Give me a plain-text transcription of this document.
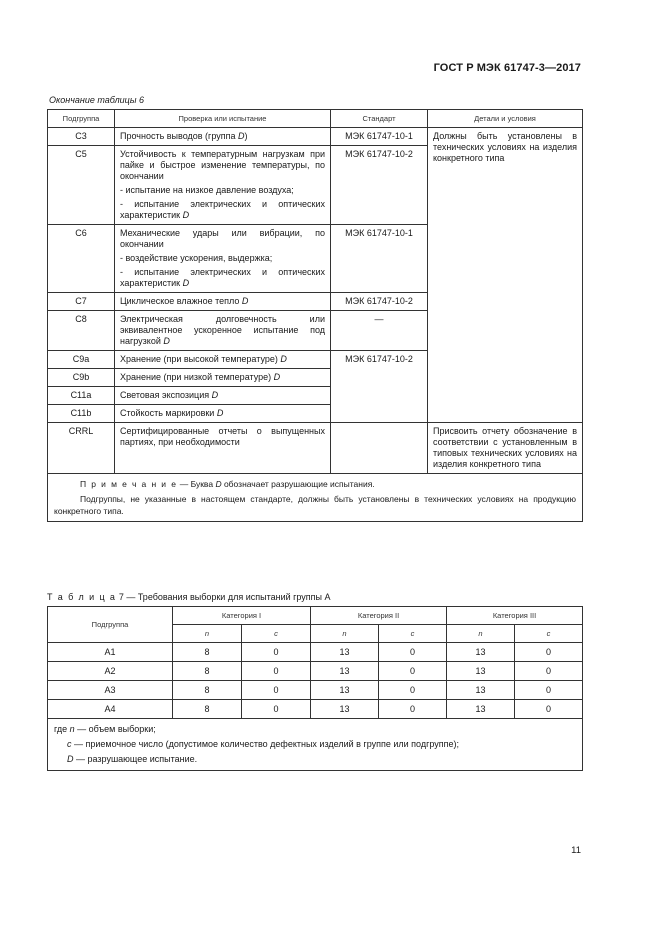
ГОСТ Р МЭК 61747-3—2017
Окончание таблицы 6
Подгруппа	Проверка или испытание	Стандарт	Детали и условия
C3	Прочность выводов (группа D)	МЭК 61747-10-1	Должны быть установлены в технических условиях на изделия конкретного типа
C5	Устойчивость к температурным нагрузкам при пайке и быстрое изменение температуры, по окончании
- испытание на низкое давление воздуха;
- испытание электрических и оптических характеристик D	МЭК 61747-10-2	
C6	Механические удары или вибрации, по окончании
- воздействие ускорения, выдержка;
- испытание электрических и оптических характеристик D	МЭК 61747-10-1	
C7	Циклическое влажное тепло D	МЭК 61747-10-2	
C8	Электрическая долговечность или эквивалентное ускоренное испытание под нагрузкой D	—	
C9a	Хранение (при высокой температуре) D	МЭК 61747-10-2	
C9b	Хранение (при низкой температуре) D		
C11a	Световая экспозиция D		
C11b	Стойкость маркировки D		
CRRL	Сертифицированные отчеты о выпущенных партиях, при необходимости		Присвоить отчету обозначение в соответствии с установленным в типовых технических условиях на изделия конкретного типа

П р и м е ч а н и е — Буква D обозначает разрушающие испытания.

Подгруппы, не указанные в настоящем стандарте, должны быть установлены в технических условиях на продукцию конкретного типа.			

Т а б л и ц а 7 — Требования выборки для испытаний группы А
Подгруппа	Категория I		Категория II		Категория III	
	n	c	n	c	n	c
A1	8	0	13	0	13	0
A2	8	0	13	0	13	0
A3	8	0	13	0	13	0
A4	8	0	13	0	13	0

где n — объем выборки;
c — приемочное число (допустимое количество дефектных изделий в группе или подгруппе);
D — разрушающее испытание.						
11
